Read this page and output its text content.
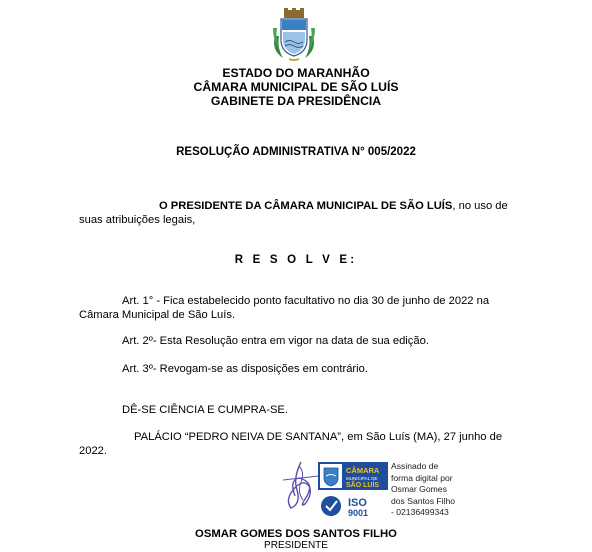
ESTADO DO MARANHÃO
CÂMARA MUNICIPAL DE SÃO LUÍS
GABINETE DA PRESIDÊNCIA
RESOLUÇÃO ADMINISTRATIVA N° 005/2022
O PRESIDENTE DA CÂMARA MUNICIPAL DE SÃO LUÍS, no uso de suas atribuições legais,
R E S O L V E:
Art. 1° - Fica estabelecido ponto facultativo no dia 30 de junho de 2022 na Câmara Municipal de São Luís.
Art. 2º- Esta Resolução entra em vigor na data de sua edição.
Art. 3º- Revogam-se as disposições em contrário.
DÊ-SE CIÊNCIA E CUMPRA-SE.
PALÁCIO “PEDRO NEIVA DE SANTANA”, em São Luís (MA), 27 junho de 2022.
CÂMARA
MUNICIPAL DE
SÃO LUÍS
ISO
9001
Assinado de
forma digital por
Osmar Gomes
dos Santos Filho
- 02136499343
OSMAR GOMES DOS SANTOS FILHO
PRESIDENTE
